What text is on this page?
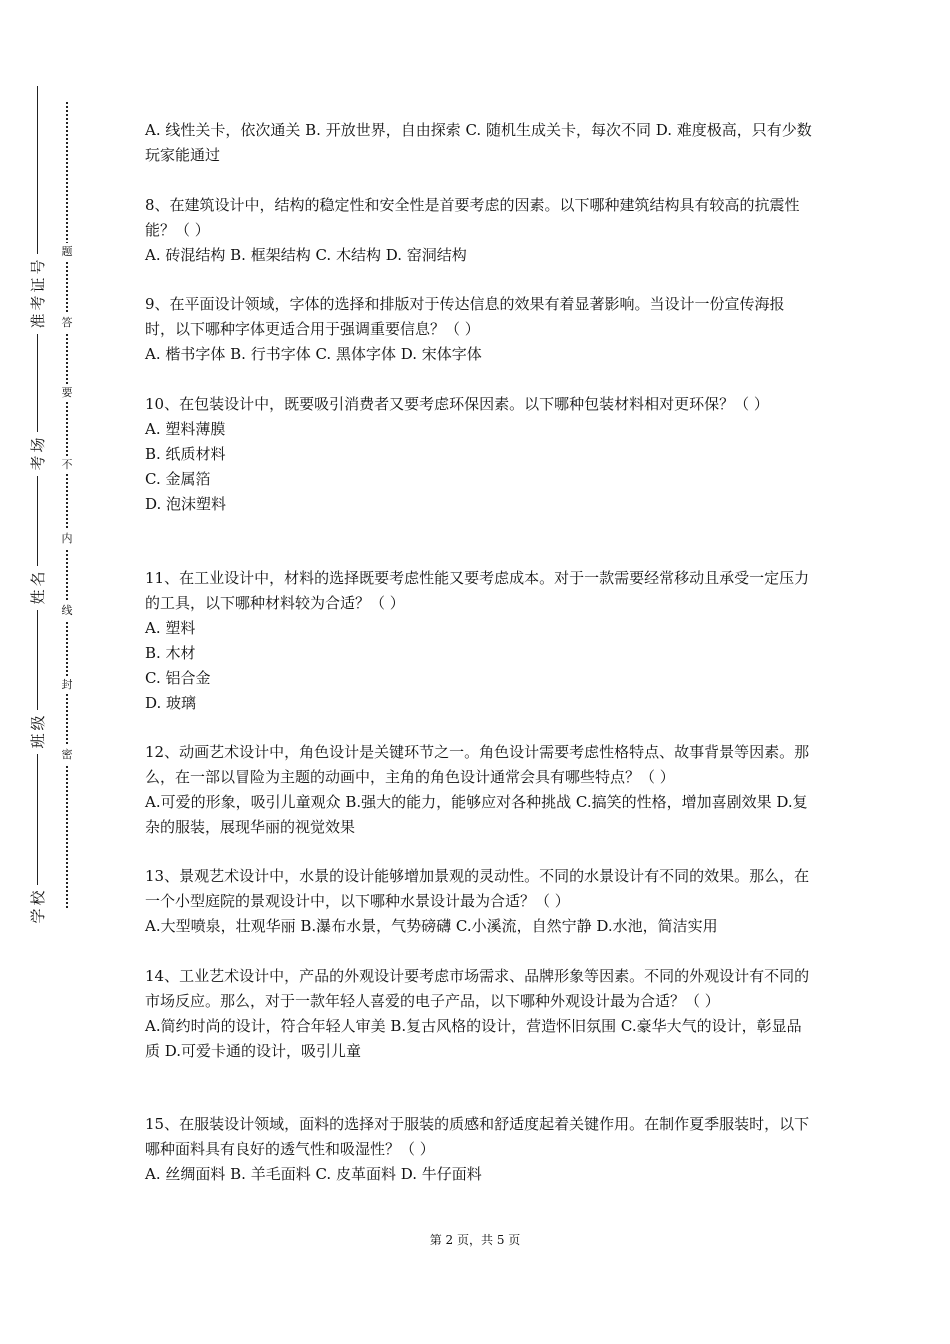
号
证
考
准
场
考
名
姓
级
班
校
学
题
答
要
不
内
线
封
密

A. 线性关卡，依次通关 B. 开放世界，自由探索 C. 随机生成关卡，每次不同 D. 难度极高，只有少数玩家能通过

8、在建筑设计中，结构的稳定性和安全性是首要考虑的因素。以下哪种建筑结构具有较高的抗震性能？（ ）

A. 砖混结构 B. 框架结构 C. 木结构 D. 窑洞结构

9、在平面设计领域，字体的选择和排版对于传达信息的效果有着显著影响。当设计一份宣传海报时，以下哪种字体更适合用于强调重要信息？（ ）

A. 楷书字体 B. 行书字体 C. 黑体字体 D. 宋体字体

10、在包装设计中，既要吸引消费者又要考虑环保因素。以下哪种包装材料相对更环保？（ ）

A. 塑料薄膜

B. 纸质材料

C. 金属箔

D. 泡沫塑料

11、在工业设计中，材料的选择既要考虑性能又要考虑成本。对于一款需要经常移动且承受一定压力的工具，以下哪种材料较为合适？（ ）

A. 塑料

B. 木材

C. 铝合金

D. 玻璃

12、动画艺术设计中，角色设计是关键环节之一。角色设计需要考虑性格特点、故事背景等因素。那么，在一部以冒险为主题的动画中，主角的角色设计通常会具有哪些特点？（ ）

A.可爱的形象，吸引儿童观众 B.强大的能力，能够应对各种挑战 C.搞笑的性格，增加喜剧效果 D.复杂的服装，展现华丽的视觉效果

13、景观艺术设计中，水景的设计能够增加景观的灵动性。不同的水景设计有不同的效果。那么，在一个小型庭院的景观设计中，以下哪种水景设计最为合适？（ ）

A.大型喷泉，壮观华丽 B.瀑布水景，气势磅礴 C.小溪流，自然宁静 D.水池，简洁实用

14、工业艺术设计中，产品的外观设计要考虑市场需求、品牌形象等因素。不同的外观设计有不同的市场反应。那么，对于一款年轻人喜爱的电子产品，以下哪种外观设计最为合适？（ ）

A.简约时尚的设计，符合年轻人审美 B.复古风格的设计，营造怀旧氛围 C.豪华大气的设计，彰显品质 D.可爱卡通的设计，吸引儿童

15、在服装设计领域，面料的选择对于服装的质感和舒适度起着关键作用。在制作夏季服装时，以下哪种面料具有良好的透气性和吸湿性？（ ）

A. 丝绸面料 B. 羊毛面料 C. 皮革面料 D. 牛仔面料

第 2 页，共 5 页
